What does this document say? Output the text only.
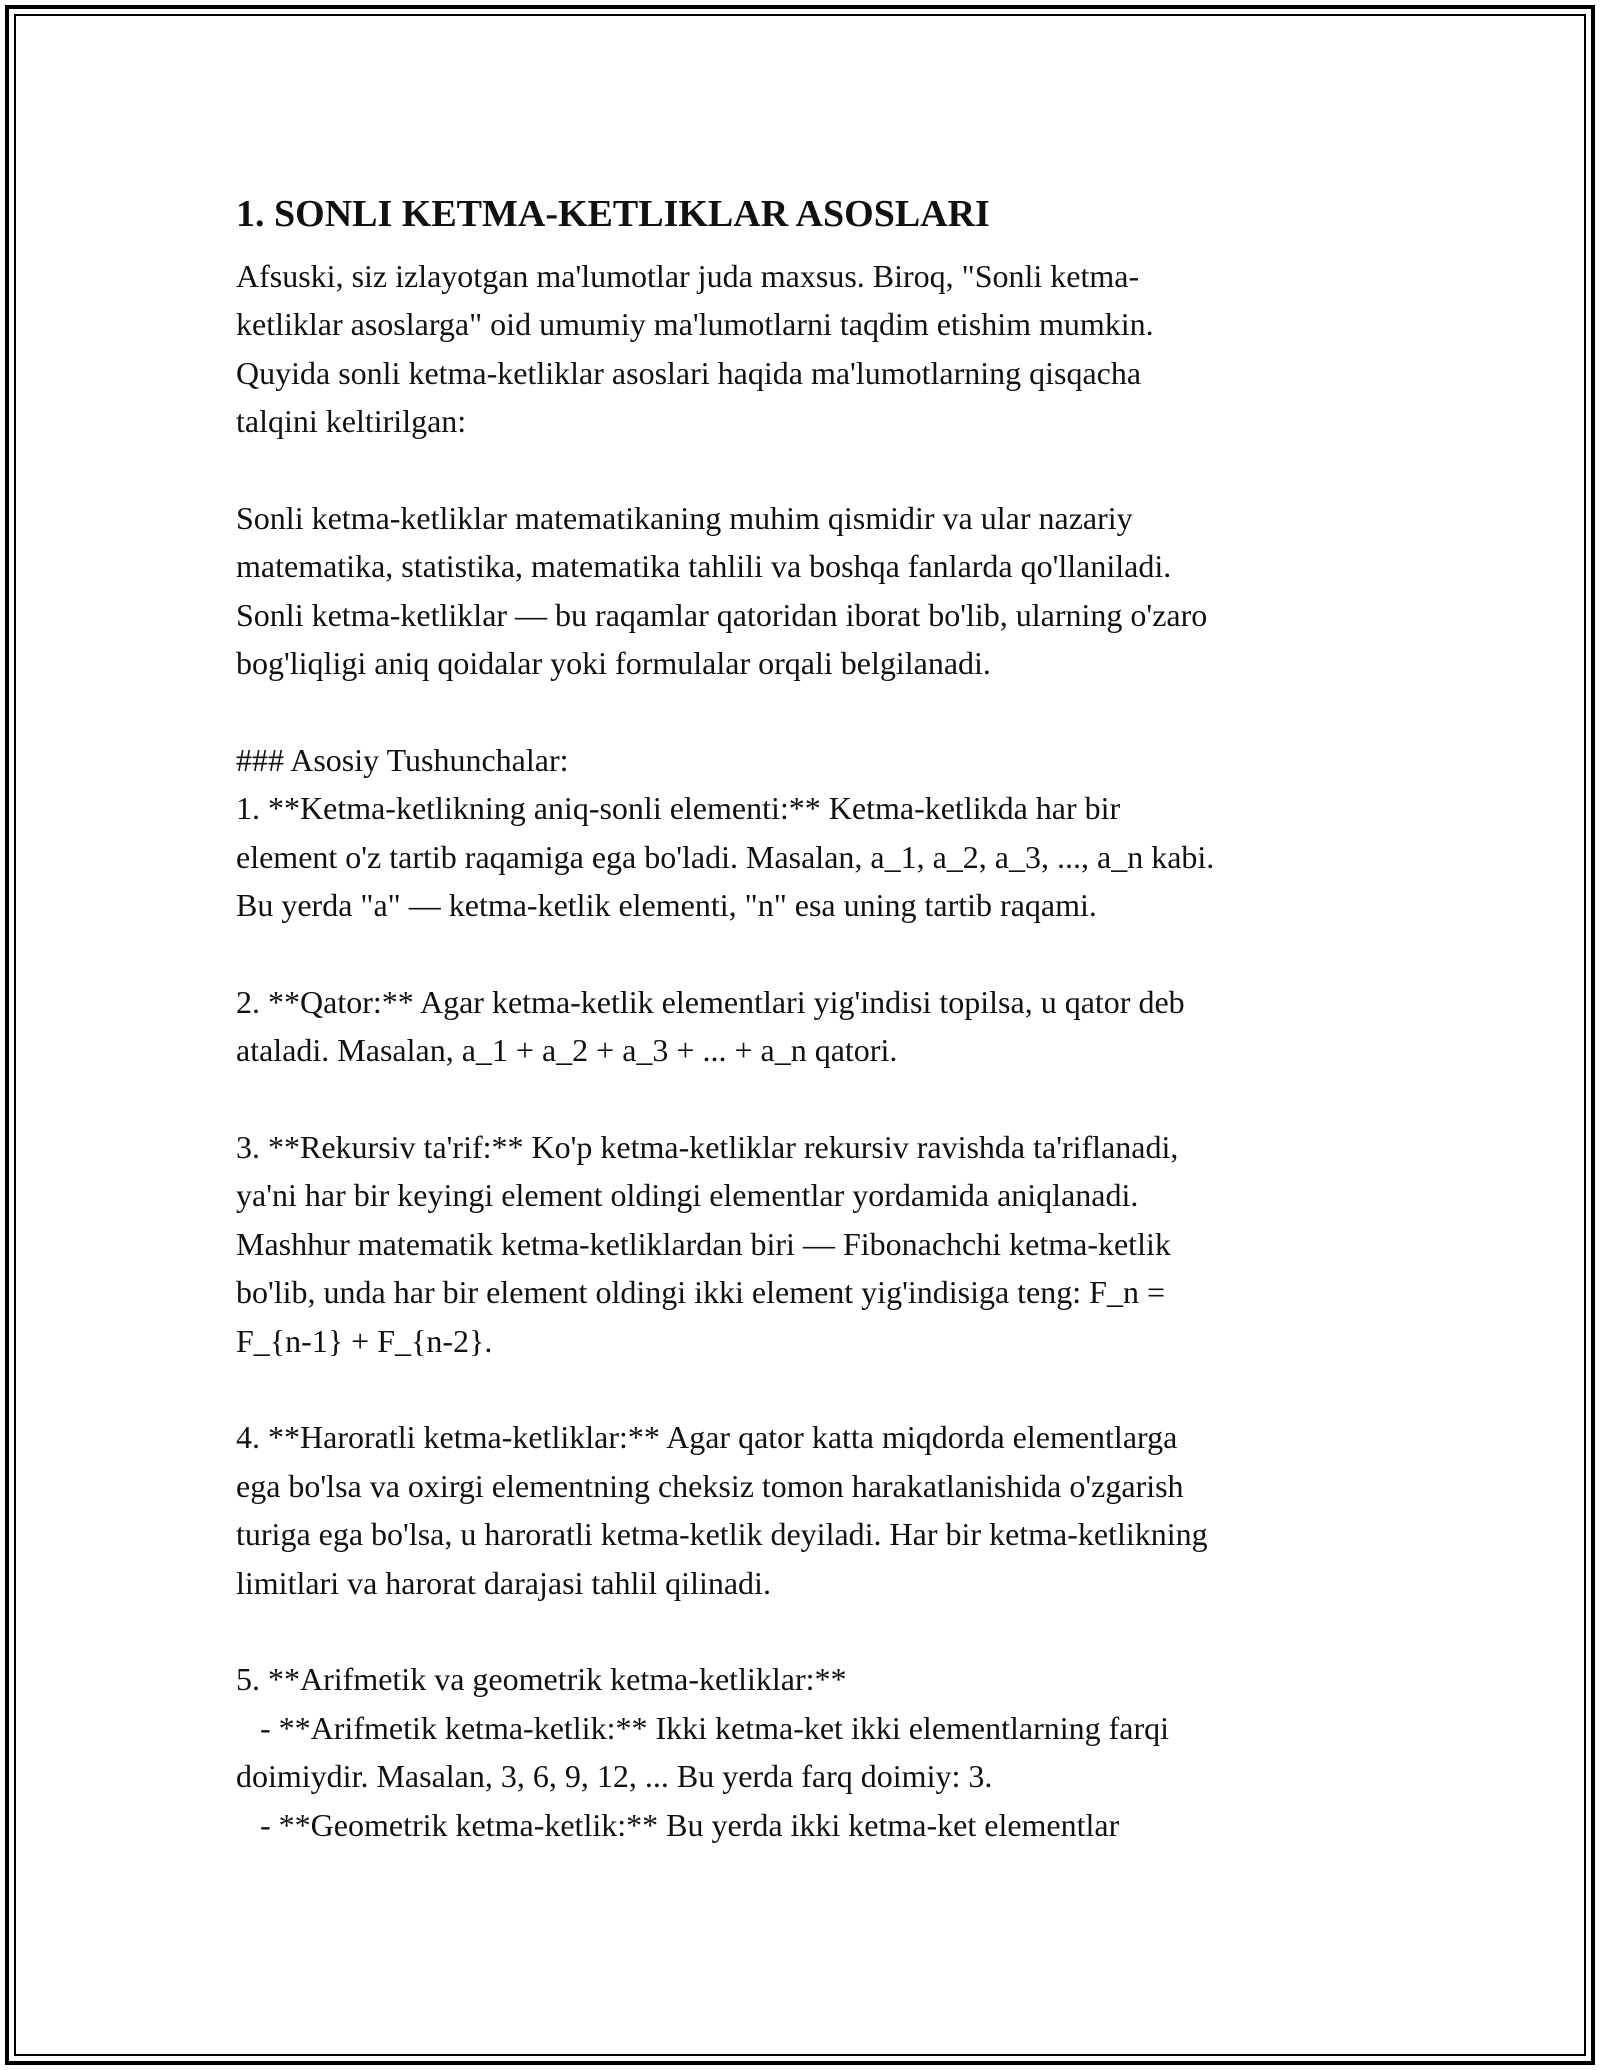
1. SONLI KETMA-KETLIKLAR ASOSLARI
Afsuski, siz izlayotgan ma'lumotlar juda maxsus. Biroq, "Sonli ketma-
ketliklar asoslarga" oid umumiy ma'lumotlarni taqdim etishim mumkin.
Quyida sonli ketma-ketliklar asoslari haqida ma'lumotlarning qisqacha
talqini keltirilgan:
Sonli ketma-ketliklar matematikaning muhim qismidir va ular nazariy
matematika, statistika, matematika tahlili va boshqa fanlarda qo'llaniladi.
Sonli ketma-ketliklar — bu raqamlar qatoridan iborat bo'lib, ularning o'zaro
bog'liqligi aniq qoidalar yoki formulalar orqali belgilanadi.
### Asosiy Tushunchalar:
1. **Ketma-ketlikning aniq-sonli elementi:** Ketma-ketlikda har bir
element o'z tartib raqamiga ega bo'ladi. Masalan, a_1, a_2, a_3, ..., a_n kabi.
Bu yerda "a" — ketma-ketlik elementi, "n" esa uning tartib raqami.
2. **Qator:** Agar ketma-ketlik elementlari yig'indisi topilsa, u qator deb
ataladi. Masalan, a_1 + a_2 + a_3 + ... + a_n qatori.
3. **Rekursiv ta'rif:** Ko'p ketma-ketliklar rekursiv ravishda ta'riflanadi,
ya'ni har bir keyingi element oldingi elementlar yordamida aniqlanadi.
Mashhur matematik ketma-ketliklardan biri — Fibonachchi ketma-ketlik
bo'lib, unda har bir element oldingi ikki element yig'indisiga teng: F_n =
F_{n-1} + F_{n-2}.
4. **Haroratli ketma-ketliklar:** Agar qator katta miqdorda elementlarga
ega bo'lsa va oxirgi elementning cheksiz tomon harakatlanishida o'zgarish
turiga ega bo'lsa, u haroratli ketma-ketlik deyiladi. Har bir ketma-ketlikning
limitlari va harorat darajasi tahlil qilinadi.
5. **Arifmetik va geometrik ketma-ketliklar:**
- **Arifmetik ketma-ketlik:** Ikki ketma-ket ikki elementlarning farqi
doimiydir. Masalan, 3, 6, 9, 12, ... Bu yerda farq doimiy: 3.
- **Geometrik ketma-ketlik:** Bu yerda ikki ketma-ket elementlar
